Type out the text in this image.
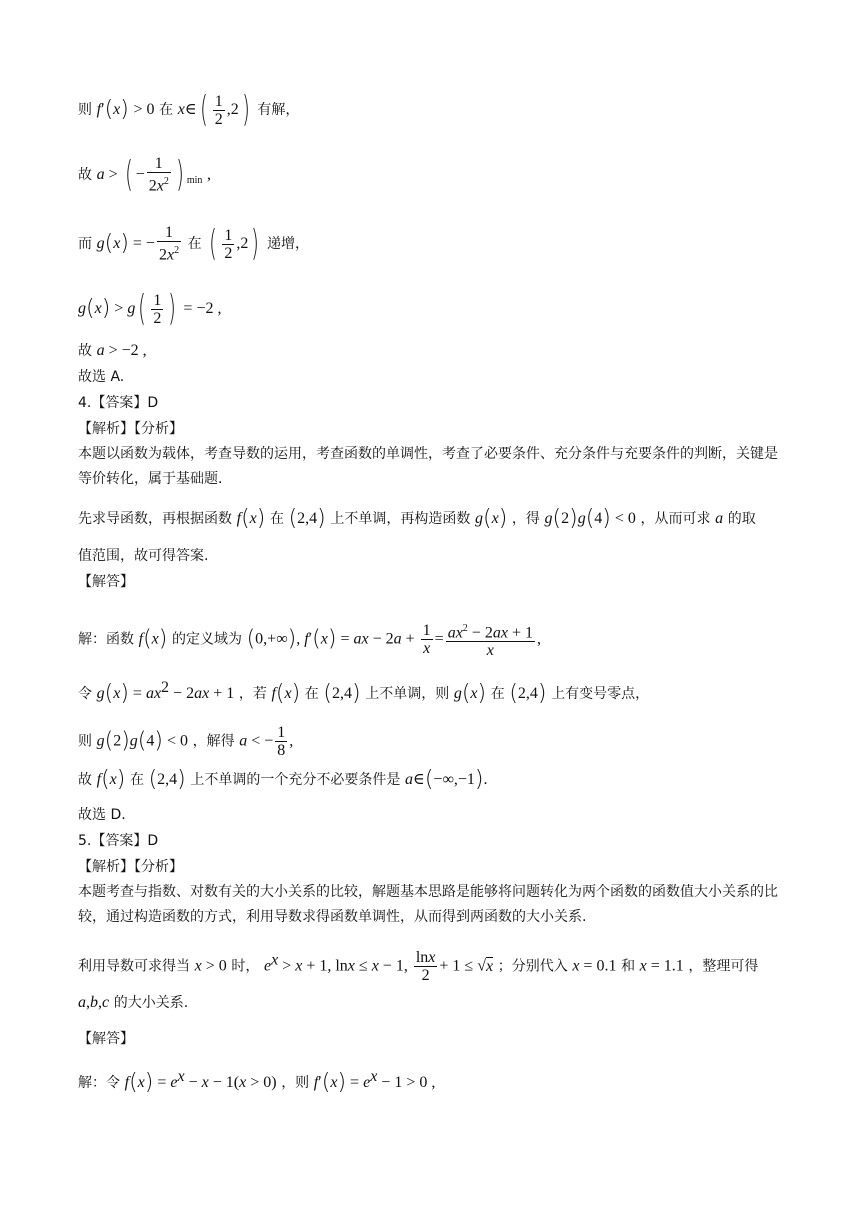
则 f′(x) > 0 在 x∈( $\frac{1}{2} ,2$) 有解，
故 a > ( − $\frac{1}{2x^2}$ ) $_{min}$ ,
而 g(x) = − $\frac{1}{2x^2}$ 在 ( $\frac{1}{2} ,2$) 递增，
$g(x) > g( \frac{1}{2}$ ) = −2 ,
故 a > −2 ,
故选 A.
4.【答案】D
【解析】【分析】
本题以函数为载体，考查导数的运用，考查函数的单调性，考查了必要条件、充分条件与充要条件的判断，关键是等价转化，属于基础题.
先求导函数，再根据函数 f(x) 在 (2,4) 上不单调，再构造函数 g(x) ，得 g(2)g(4) < 0 ，从而可求 a 的取
值范围，故可得答案.
【解答】
解：函数 f(x) 的定义域为 (0,+∞), f′(x) = ax − $2a + \frac{1}{x} = \frac{ax^2 - 2ax + 1}{x}$ ,
令 $g(x) = ax^2 - 2ax + 1$ ，若 f(x) 在 (2,4) 上不单调，则 g(x) 在 (2,4) 上有变号零点，
则 g(2)g(4) < 0 ，解得 a < − $\frac{1}{8}$ ,
故 f(x) 在 (2,4) 上不单调的一个充分不必要条件是 a∈(−∞,−1).
故选 D.
5.【答案】D
【解析】【分析】
本题考查与指数、对数有关的大小关系的比较，解题基本思路是能够将问题转化为两个函数的函数值大小关系的比较，通过构造函数的方式，利用导数求得函数单调性，从而得到两函数的大小关系.
利用导数可求得当 x > 0 时， $e^x > x + 1$, lnx ≤ x − 1, $\frac{\ln x}{2} + 1 \le √x$ ；分别代入 x = 0.1 和 x = 1.1 ，整理可得
a,b,c 的大小关系.
【解答】
解：令 $f(x) = e^x - x - 1(x > 0)$ ，则 $f'(x) = e^x - 1 > 0$ ,
